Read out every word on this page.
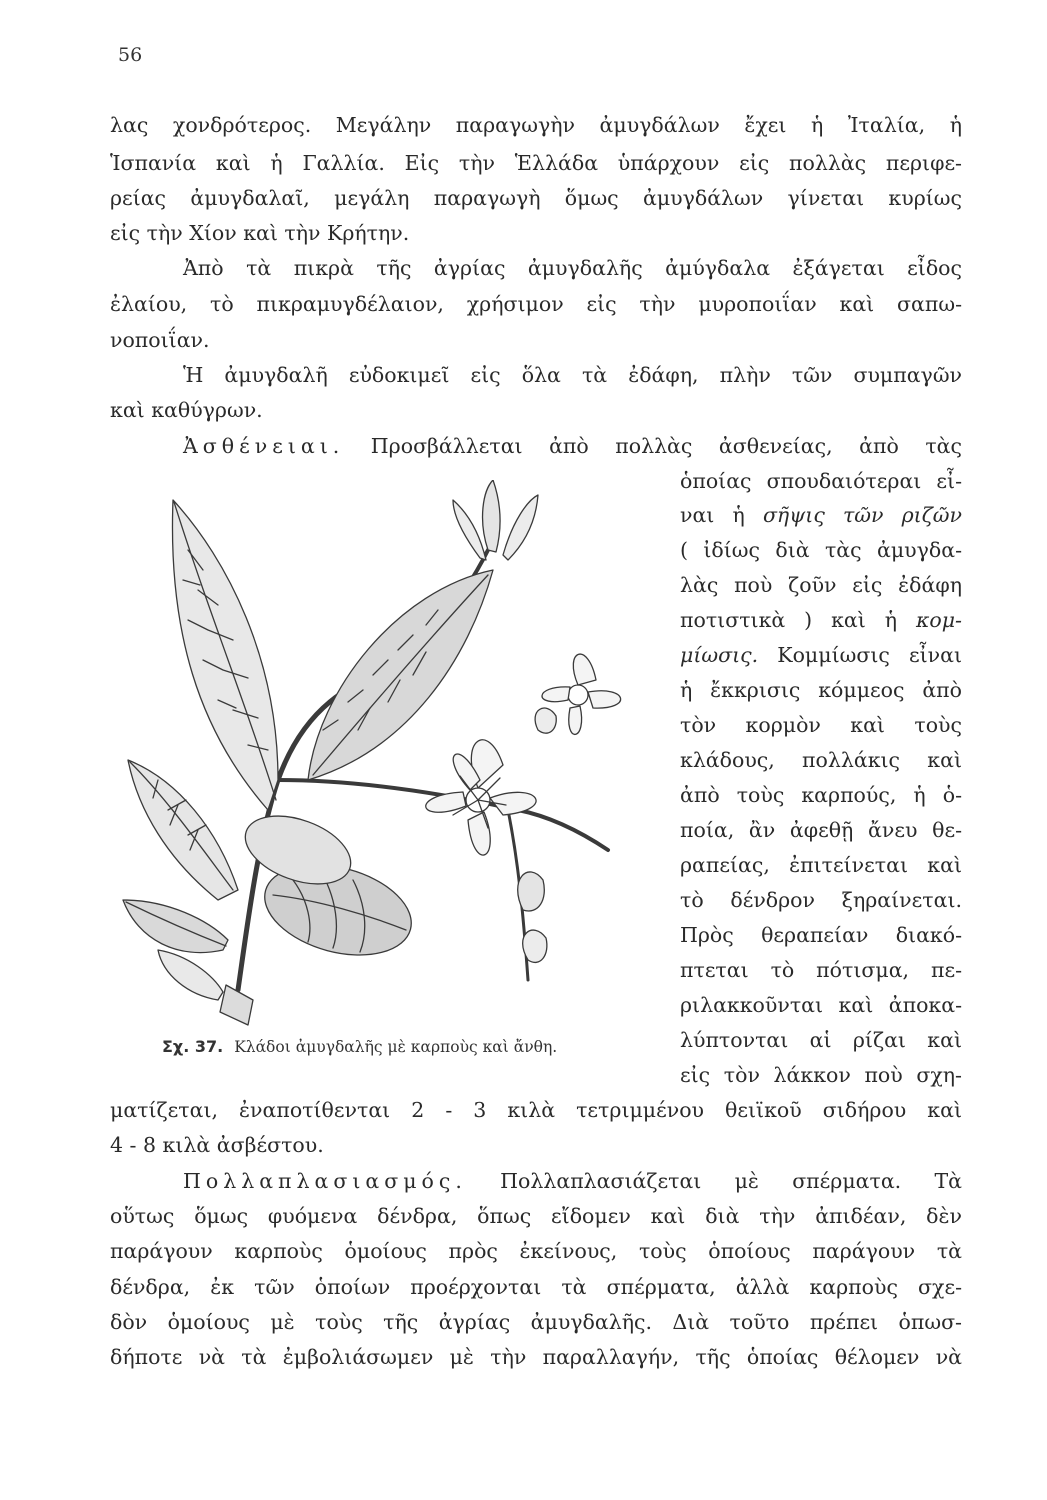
56
λας χονδρότερος. Μεγάλην παραγωγὴν ἀμυγδάλων ἔχει ἡ Ἰταλία, ἡ
Ἱσπανία καὶ ἡ Γαλλία. Εἰς τὴν Ἑλλάδα ὑπάρχουν εἰς πολλὰς περιφε-
ρείας ἀμυγδαλαῖ, μεγάλη παραγωγὴ ὅμως ἀμυγδάλων γίνεται κυρίως
εἰς τὴν Χίον καὶ τὴν Κρήτην.
Ἀπὸ τὰ πικρὰ τῆς ἀγρίας ἀμυγδαλῆς ἀμύγδαλα ἐξάγεται εἶδος
ἐλαίου, τὸ πικραμυγδέλαιον, χρήσιμον εἰς τὴν μυροποιΐαν καὶ σαπω-
νοποιΐαν.
Ἡ ἀμυγδαλῆ εὐδοκιμεῖ εἰς ὅλα τὰ ἐδάφη, πλὴν τῶν συμπαγῶν
καὶ καθύγρων.
Ἀσθένειαι. Προσβάλλεται ἀπὸ πολλὰς ἀσθενείας, ἀπὸ τὰς
ὁποίας σπουδαιότεραι εἶ-
ναι ἡ σῆψις τῶν ριζῶν
( ἰδίως διὰ τὰς ἀμυγδα-
λὰς ποὺ ζοῦν εἰς ἐδάφη
ποτιστικὰ ) καὶ ἡ κομ-
μίωσις. Κομμίωσις εἶναι
ἡ ἔκκρισις κόμμεος ἀπὸ
τὸν κορμὸν καὶ τοὺς
κλάδους, πολλάκις καὶ
ἀπὸ τοὺς καρπούς, ἡ ὁ-
ποία, ἂν ἀφεθῇ ἄνευ θε-
ραπείας, ἐπιτείνεται καὶ
τὸ δένδρον ξηραίνεται.
Πρὸς θεραπείαν διακό-
πτεται τὸ πότισμα, πε-
ριλακκοῦνται καὶ ἀποκα-
λύπτονται αἱ ρίζαι καὶ
εἰς τὸν λάκκον ποὺ σχη-
Σχ. 37. Κλάδοι ἀμυγδαλῆς μὲ καρποὺς καὶ ἄνθη.
ματίζεται, ἐναποτίθενται 2 - 3 κιλὰ τετριμμένου θειϊκοῦ σιδήρου καὶ
4 - 8 κιλὰ ἀσβέστου.
Πολλαπλασιασμός. Πολλαπλασιάζεται μὲ σπέρματα. Τὰ
οὕτως ὅμως φυόμενα δένδρα, ὅπως εἴδομεν καὶ διὰ τὴν ἀπιδέαν, δὲν
παράγουν καρποὺς ὁμοίους πρὸς ἐκείνους, τοὺς ὁποίους παράγουν τὰ
δένδρα, ἐκ τῶν ὁποίων προέρχονται τὰ σπέρματα, ἀλλὰ καρποὺς σχε-
δὸν ὁμοίους μὲ τοὺς τῆς ἀγρίας ἀμυγδαλῆς. Διὰ τοῦτο πρέπει ὁπωσ-
δήποτε νὰ τὰ ἐμβολιάσωμεν μὲ τὴν παραλλαγήν, τῆς ὁποίας θέλομεν νὰ
